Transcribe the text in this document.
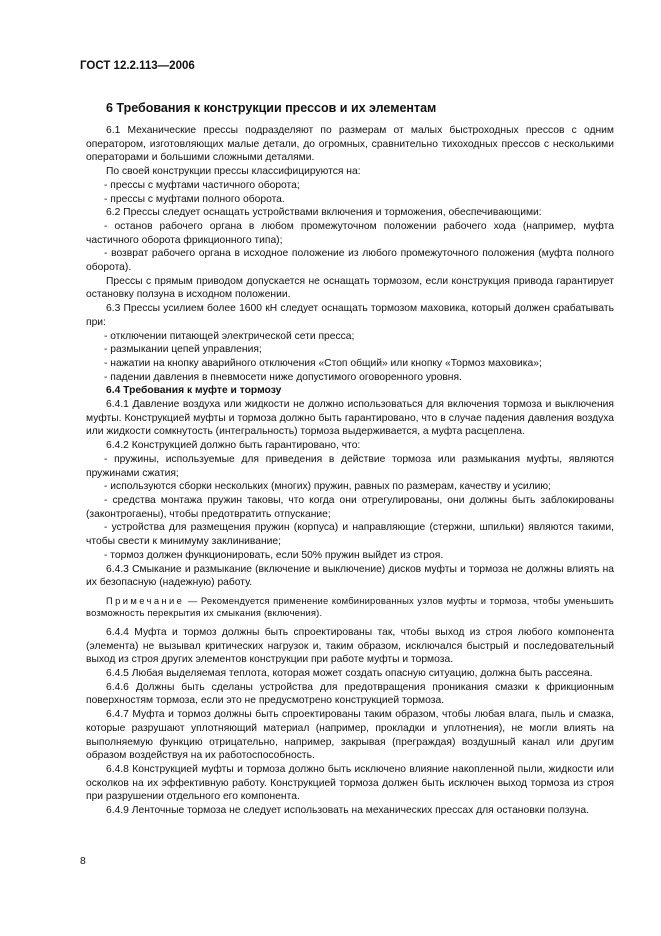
ГОСТ 12.2.113—2006

6 Требования к конструкции прессов и их элементам

6.1 Механические прессы подразделяют по размерам от малых быстроходных прессов с одним оператором, изготовляющих малые детали, до огромных, сравнительно тихоходных прессов с несколькими операторами и большими сложными деталями.

По своей конструкции прессы классифицируются на:

- прессы с муфтами частичного оборота;

- прессы с муфтами полного оборота.

6.2 Прессы следует оснащать устройствами включения и торможения, обеспечивающими:

- останов рабочего органа в любом промежуточном положении рабочего хода (например, муфта частичного оборота фрикционного типа);

- возврат рабочего органа в исходное положение из любого промежуточного положения (муфта полного оборота).

Прессы с прямым приводом допускается не оснащать тормозом, если конструкция привода гарантирует остановку ползуна в исходном положении.

6.3 Прессы усилием более 1600 кН следует оснащать тормозом маховика, который должен срабатывать при:

- отключении питающей электрической сети пресса;

- размыкании цепей управления;

- нажатии на кнопку аварийного отключения «Стоп общий» или кнопку «Тормоз маховика»;

- падении давления в пневмосети ниже допустимого оговоренного уровня.

6.4 Требования к муфте и тормозу

6.4.1 Давление воздуха или жидкости не должно использоваться для включения тормоза и выключения муфты. Конструкцией муфты и тормоза должно быть гарантировано, что в случае падения давления воздуха или жидкости сомкнутость (интегральность) тормоза выдерживается, а муфта расцеплена.

6.4.2 Конструкцией должно быть гарантировано, что:

- пружины, используемые для приведения в действие тормоза или размыкания муфты, являются пружинами сжатия;

- используются сборки нескольких (многих) пружин, равных по размерам, качеству и усилию;

- средства монтажа пружин таковы, что когда они отрегулированы, они должны быть заблокированы (законтрогаены), чтобы предотвратить отпускание;

- устройства для размещения пружин (корпуса) и направляющие (стержни, шпильки) являются такими, чтобы свести к минимуму заклинивание;

- тормоз должен функционировать, если 50% пружин выйдет из строя.

6.4.3 Смыкание и размыкание (включение и выключение) дисков муфты и тормоза не должны влиять на их безопасную (надежную) работу.

Примечание — Рекомендуется применение комбинированных узлов муфты и тормоза, чтобы уменьшить возможность перекрытия их смыкания (включения).

6.4.4 Муфта и тормоз должны быть спроектированы так, чтобы выход из строя любого компонента (элемента) не вызывал критических нагрузок и, таким образом, исключался быстрый и последовательный выход из строя других элементов конструкции при работе муфты и тормоза.

6.4.5 Любая выделяемая теплота, которая может создать опасную ситуацию, должна быть рассеяна.

6.4.6 Должны быть сделаны устройства для предотвращения проникания смазки к фрикционным поверхностям тормоза, если это не предусмотрено конструкцией тормоза.

6.4.7 Муфта и тормоз должны быть спроектированы таким образом, чтобы любая влага, пыль и смазка, которые разрушают уплотняющий материал (например, прокладки и уплотнения), не могли влиять на выполняемую функцию отрицательно, например, закрывая (преграждая) воздушный канал или другим образом воздействуя на их работоспособность.

6.4.8 Конструкцией муфты и тормоза должно быть исключено влияние накопленной пыли, жидкости или осколков на их эффективную работу. Конструкцией тормоза должен быть исключен выход тормоза из строя при разрушении отдельного его компонента.

6.4.9 Ленточные тормоза не следует использовать на механических прессах для остановки ползуна.

8
